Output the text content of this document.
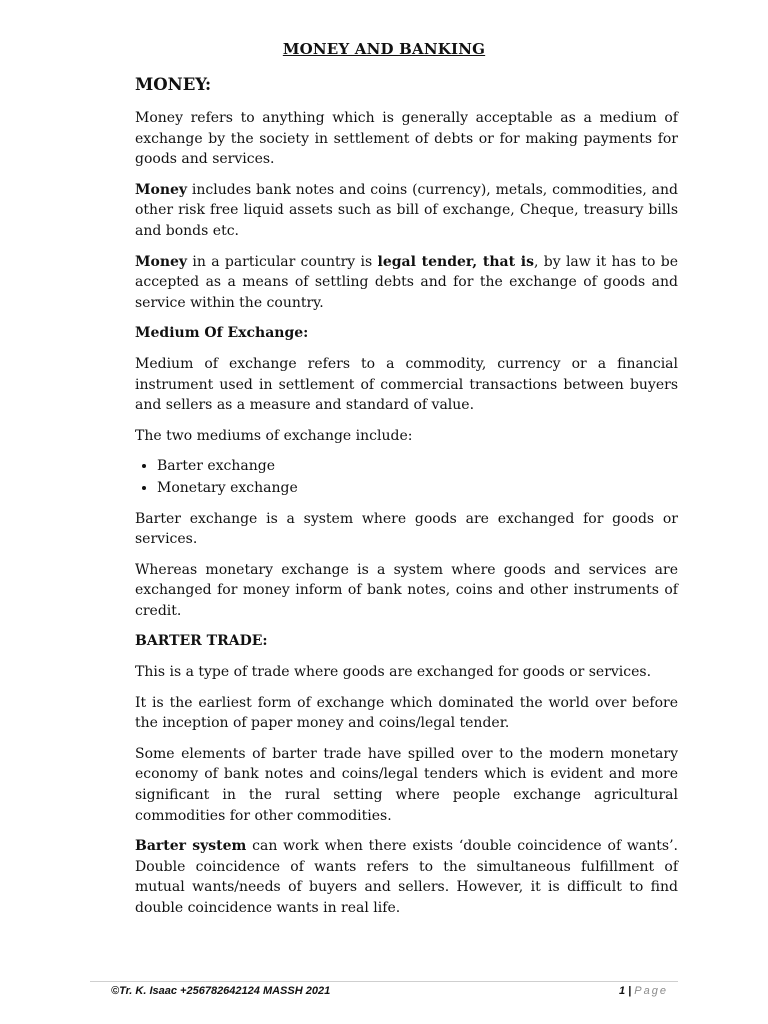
MONEY AND BANKING
MONEY:

Money refers to anything which is generally acceptable as a medium of exchange by the society in settlement of debts or for making payments for goods and services.

Money includes bank notes and coins (currency), metals, commodities, and other risk free liquid assets such as bill of exchange, Cheque, treasury bills and bonds etc.

Money in a particular country is legal tender, that is, by law it has to be accepted as a means of settling debts and for the exchange of goods and service within the country.

Medium Of Exchange:

Medium of exchange refers to a commodity, currency or a financial instrument used in settlement of commercial transactions between buyers and sellers as a measure and standard of value.

The two mediums of exchange include:

• Barter exchange
• Monetary exchange

Barter exchange is a system where goods are exchanged for goods or services.

Whereas monetary exchange is a system where goods and services are exchanged for money inform of bank notes, coins and other instruments of credit.

BARTER TRADE:

This is a type of trade where goods are exchanged for goods or services.

It is the earliest form of exchange which dominated the world over before the inception of paper money and coins/legal tender.

Some elements of barter trade have spilled over to the modern monetary economy of bank notes and coins/legal tenders which is evident and more significant in the rural setting where people exchange agricultural commodities for other commodities.

Barter system can work when there exists ‘double coincidence of wants’. Double coincidence of wants refers to the simultaneous fulfillment of mutual wants/needs of buyers and sellers. However, it is difficult to find double coincidence wants in real life.

©Tr. K. Isaac +256782642124 MASSH 2021	1 | Page
